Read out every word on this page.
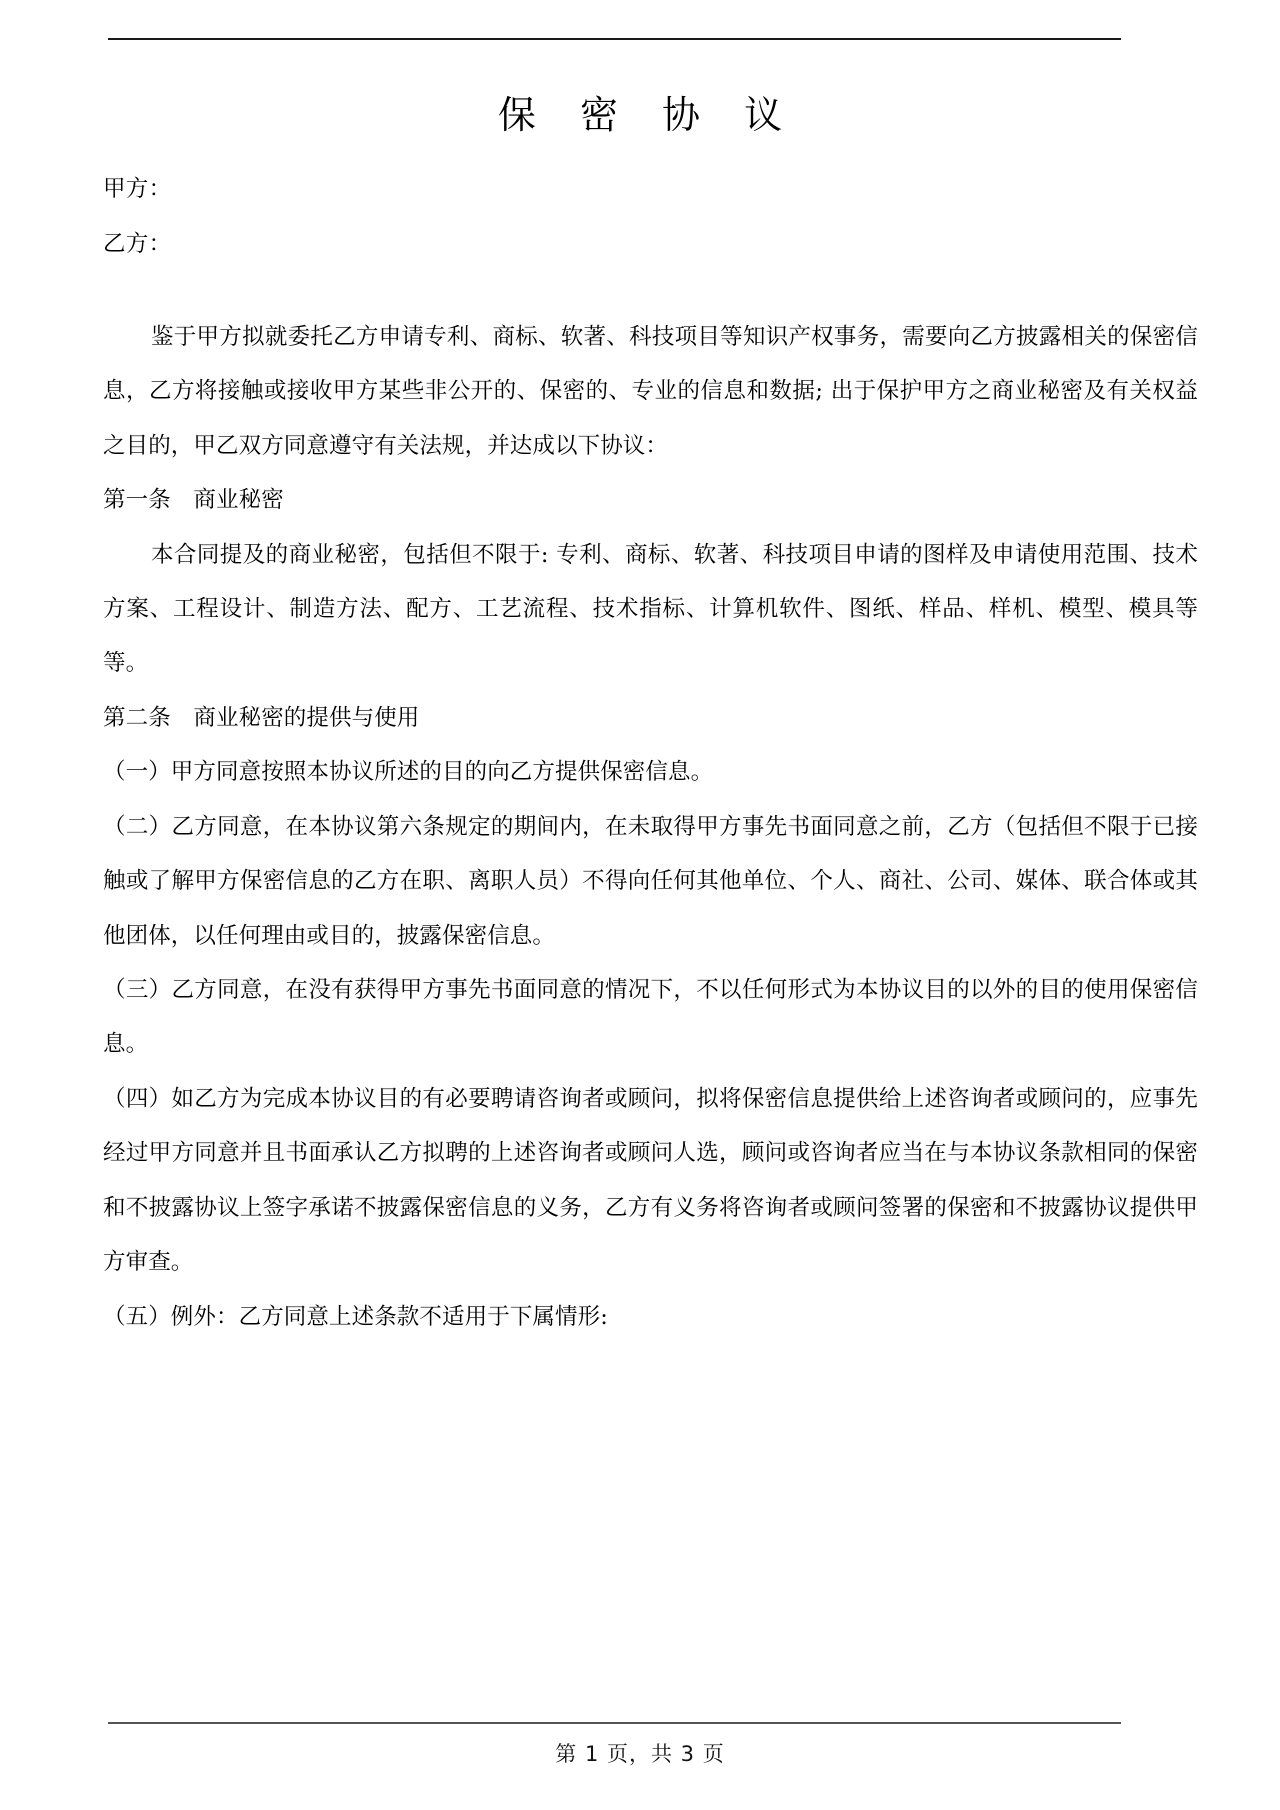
保 密 协 议
甲方：
乙方：

鉴于甲方拟就委托乙方申请专利、商标、软著、科技项目等知识产权事务，需要向乙方披露相关的保密信息，乙方将接触或接收甲方某些非公开的、保密的、专业的信息和数据; 出于保护甲方之商业秘密及有关权益之目的，甲乙双方同意遵守有关法规，并达成以下协议：

第一条　商业秘密

本合同提及的商业秘密，包括但不限于: 专利、商标、软著、科技项目申请的图样及申请使用范围、技术方案、工程设计、制造方法、配方、工艺流程、技术指标、计算机软件、图纸、样品、样机、模型、模具等等。

第二条　商业秘密的提供与使用

（一）甲方同意按照本协议所述的目的向乙方提供保密信息。

（二）乙方同意，在本协议第六条规定的期间内，在未取得甲方事先书面同意之前，乙方（包括但不限于已接触或了解甲方保密信息的乙方在职、离职人员）不得向任何其他单位、个人、商社、公司、媒体、联合体或其他团体，以任何理由或目的，披露保密信息。

（三）乙方同意，在没有获得甲方事先书面同意的情况下，不以任何形式为本协议目的以外的目的使用保密信息。

（四）如乙方为完成本协议目的有必要聘请咨询者或顾问，拟将保密信息提供给上述咨询者或顾问的，应事先经过甲方同意并且书面承认乙方拟聘的上述咨询者或顾问人选，顾问或咨询者应当在与本协议条款相同的保密和不披露协议上签字承诺不披露保密信息的义务，乙方有义务将咨询者或顾问签署的保密和不披露协议提供甲方审查。

（五）例外：乙方同意上述条款不适用于下属情形:

第 1 页，共 3 页
